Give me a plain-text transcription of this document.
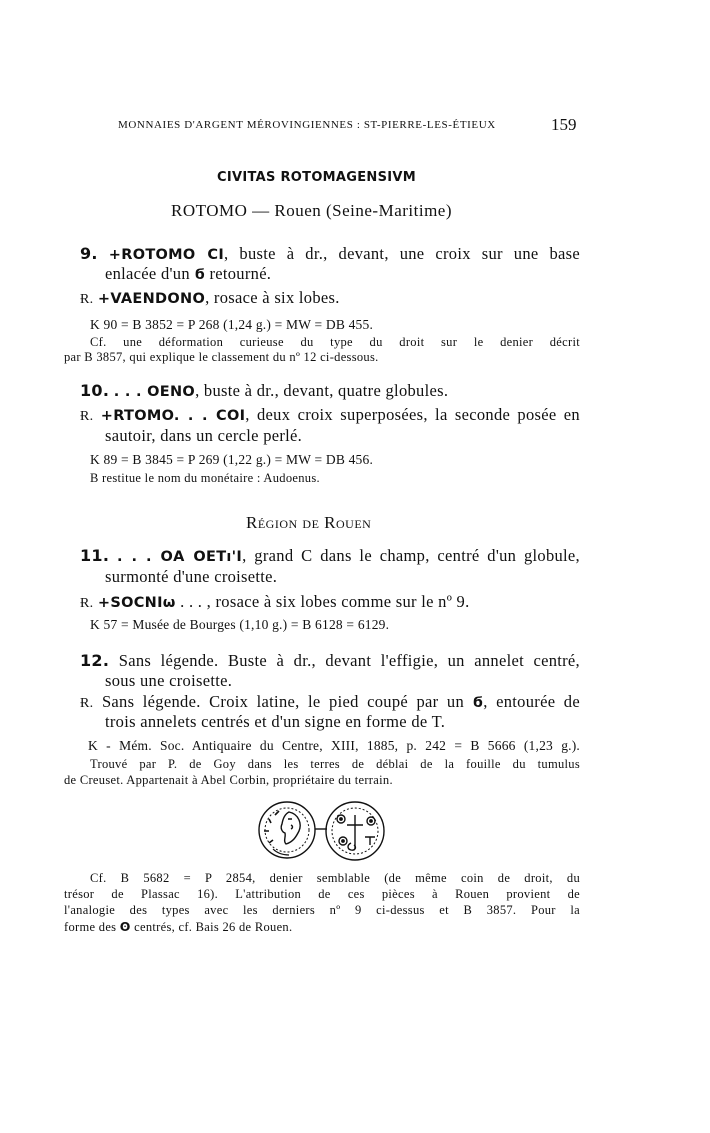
MONNAIES D'ARGENT MÉROVINGIENNES : ST-PIERRE-LES-ÉTIEUX	159
CIVITAS ROTOMAGENSIVM
ROTOMO — Rouen (Seine-Maritime)
9. +ROTOMO CI, buste à dr., devant, une croix sur une base
enlacée d'un ϭ retourné.
Ɍ. +VAENDONO, rosace à six lobes.
K 90 = B 3852 = P 268 (1,24 g.) = MW = DB 455.
Cf. une déformation curieuse du type du droit sur le denier décrit
par B 3857, qui explique le classement du nº 12 ci-dessous.
10. . . . OENO, buste à dr., devant, quatre globules.
Ɍ. +RTOMO. . . COI, deux croix superposées, la seconde posée en
sautoir, dans un cercle perlé.
K 89 = B 3845 = P 269 (1,22 g.) = MW = DB 456.
B restitue le nom du monétaire : Audoenus.
Région de Rouen
11. . . . ОA OETı'I, grand C dans le champ, centré d'un globule,
surmonté d'une croisette.
Ɍ. +SOCNIω . . . , rosace à six lobes comme sur le nº 9.
K 57 = Musée de Bourges (1,10 g.) = B 6128 = 6129.
12. Sans légende. Buste à dr., devant l'effigie, un annelet centré,
sous une croisette.
Ɍ. Sans légende. Croix latine, le pied coupé par un ϭ, entourée de
trois annelets centrés et d'un signe en forme de T.
K - Mém. Soc. Antiquaire du Centre, XIII, 1885, p. 242 = B 5666 (1,23 g.).
Trouvé par P. de Goy dans les terres de déblai de la fouille du tumulus
de Creuset. Appartenait à Abel Corbin, propriétaire du terrain.
Cf. B 5682 = P 2854, denier semblable (de même coin de droit, du
trésor de Plassac 16). L'attribution de ces pièces à Rouen provient de
l'analogie des types avec les derniers nº 9 ci-dessus et B 3857. Pour la
forme des ʘ centrés, cf. Bais 26 de Rouen.
